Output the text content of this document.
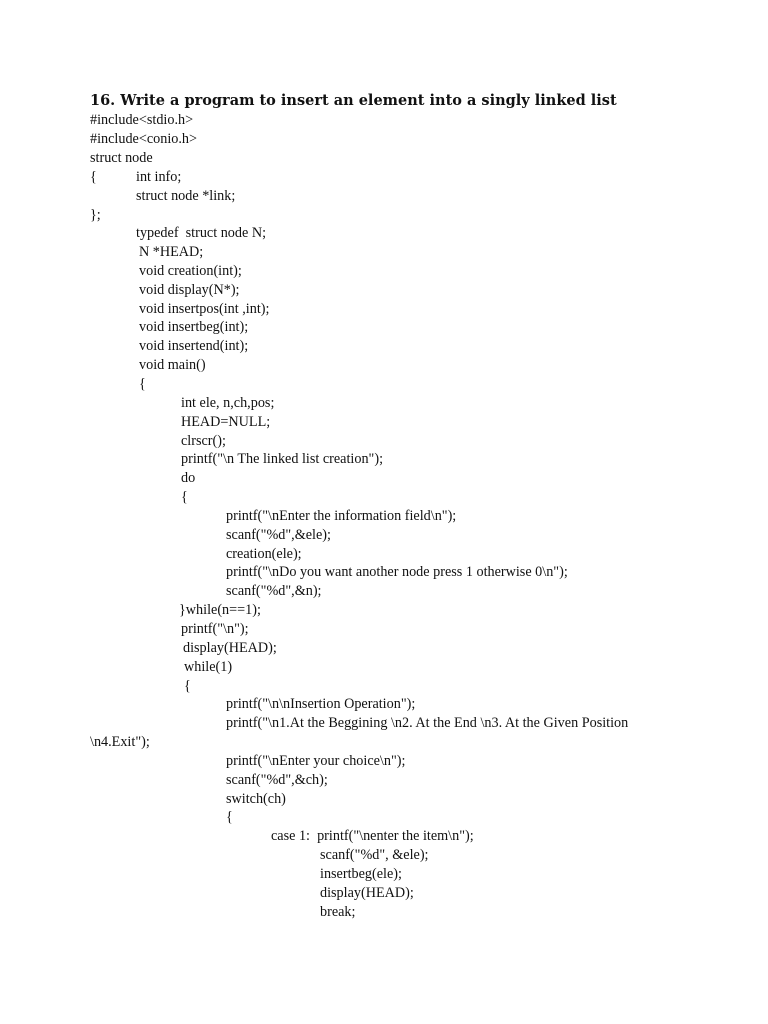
16. Write a program to insert an element into a singly linked list
#include<stdio.h>
#include<conio.h>
struct node
{	int info;
struct node *link;
};
typedef  struct node N;
N *HEAD;
void creation(int);
void display(N*);
void insertpos(int ,int);
void insertbeg(int);
void insertend(int);
void main()
{
int ele, n,ch,pos;
HEAD=NULL;
clrscr();
printf("\n The linked list creation");
do
{
printf("\nEnter the information field\n");
scanf("%d",&ele);
creation(ele);
printf("\nDo you want another node press 1 otherwise 0\n");
scanf("%d",&n);
}while(n==1);
printf("\n");
display(HEAD);
while(1)
{
printf("\n\nInsertion Operation");
printf("\n1.At the Beggining \n2. At the End \n3. At the Given Position
\n4.Exit");
printf("\nEnter your choice\n");
scanf("%d",&ch);
switch(ch)
{
case 1:  printf("\nenter the item\n");
scanf("%d", &ele);
insertbeg(ele);
display(HEAD);
break;
